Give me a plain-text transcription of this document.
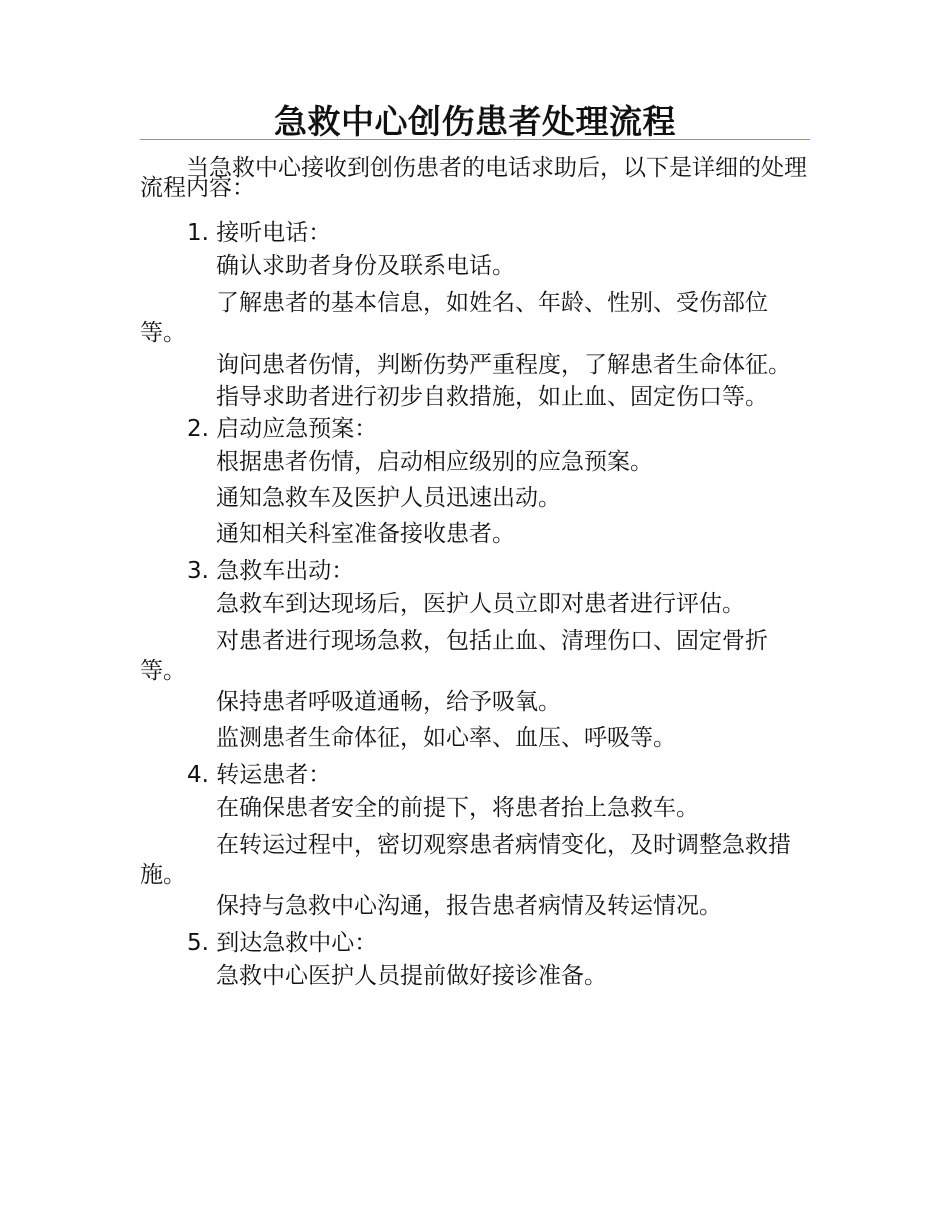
急救中心创伤患者处理流程
当急救中心接收到创伤患者的电话求助后，以下是详细的处理流程内容：
1. 接听电话：
确认求助者身份及联系电话。
了解患者的基本信息，如姓名、年龄、性别、受伤部位等。
询问患者伤情，判断伤势严重程度，了解患者生命体征。
指导求助者进行初步自救措施，如止血、固定伤口等。
2. 启动应急预案：
根据患者伤情，启动相应级别的应急预案。
通知急救车及医护人员迅速出动。
通知相关科室准备接收患者。
3. 急救车出动：
急救车到达现场后，医护人员立即对患者进行评估。
对患者进行现场急救，包括止血、清理伤口、固定骨折等。
保持患者呼吸道通畅，给予吸氧。
监测患者生命体征，如心率、血压、呼吸等。
4. 转运患者：
在确保患者安全的前提下，将患者抬上急救车。
在转运过程中，密切观察患者病情变化，及时调整急救措施。
保持与急救中心沟通，报告患者病情及转运情况。
5. 到达急救中心：
急救中心医护人员提前做好接诊准备。
